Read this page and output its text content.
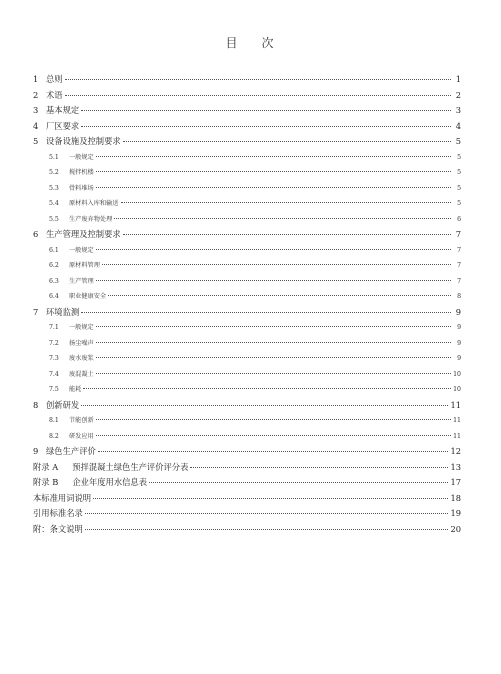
目 次
1 总则	1
2 术语	2
3 基本规定	3
4 厂区要求	4
5 设备设施及控制要求	5
5.1	一般规定	5
5.2	搅拌机楼	5
5.3	骨料堆场	5
5.4	原材料入库和输送	5
5.5	生产废弃物处理	6
6 生产管理及控制要求	7
6.1	一般规定	7
6.2	原材料管理	7
6.3	生产管理	7
6.4	职业健康安全	8
7 环境监测	9
7.1	一般规定	9
7.2	扬尘噪声	9
7.3	废水废浆	9
7.4	废混凝土	10
7.5	能耗	10
8 创新研发	11
8.1	节能创新	11
8.2	研发应用	11
9 绿色生产评价	12
附录 A 预拌混凝土绿色生产评价评分表	13
附录 B 企业年度用水信息表	17
本标准用词说明	18
引用标准名录	19
附：条文说明	20
